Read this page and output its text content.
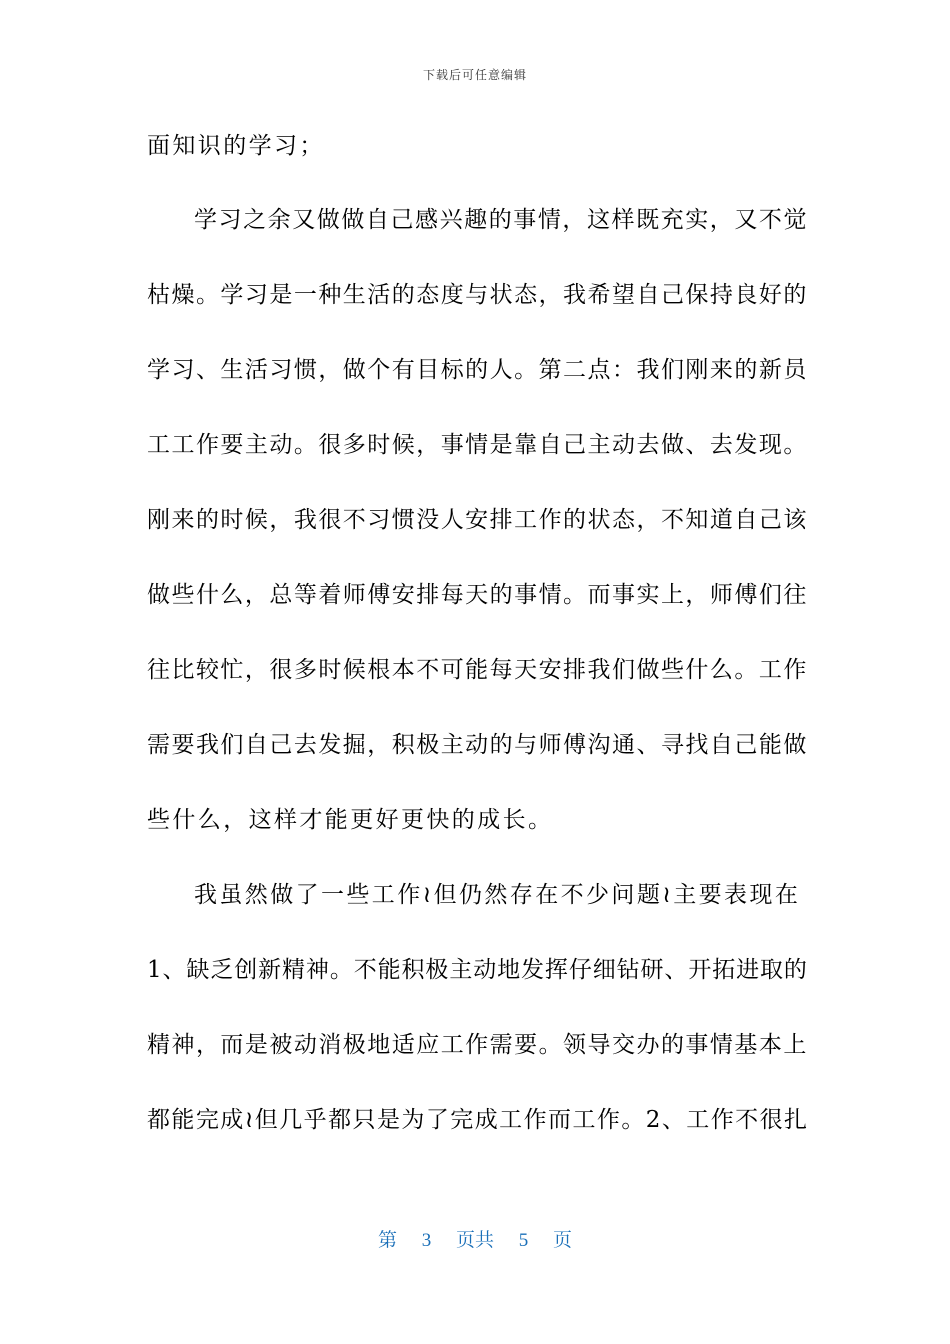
下载后可任意编辑
面知识的学习；
学习之余又做做自己感兴趣的事情，这样既充实，又不觉
枯燥。学习是一种生活的态度与状态，我希望自己保持良好的
学习、生活习惯，做个有目标的人。第二点：我们刚来的新员
工工作要主动。很多时候，事情是靠自己主动去做、去发现。
刚来的时候，我很不习惯没人安排工作的状态，不知道自己该
做些什么，总等着师傅安排每天的事情。而事实上，师傅们往
往比较忙，很多时候根本不可能每天安排我们做些什么。工作
需要我们自己去发掘，积极主动的与师傅沟通、寻找自己能做
些什么，这样才能更好更快的成长。
我虽然做了一些工作≀但仍然存在不少问题≀主要表现在
1、缺乏创新精神。不能积极主动地发挥仔细钻研、开拓进取的
精神，而是被动消极地适应工作需要。领导交办的事情基本上
都能完成≀但几乎都只是为了完成工作而工作。2、工作不很扎
第 3 页共 5 页
